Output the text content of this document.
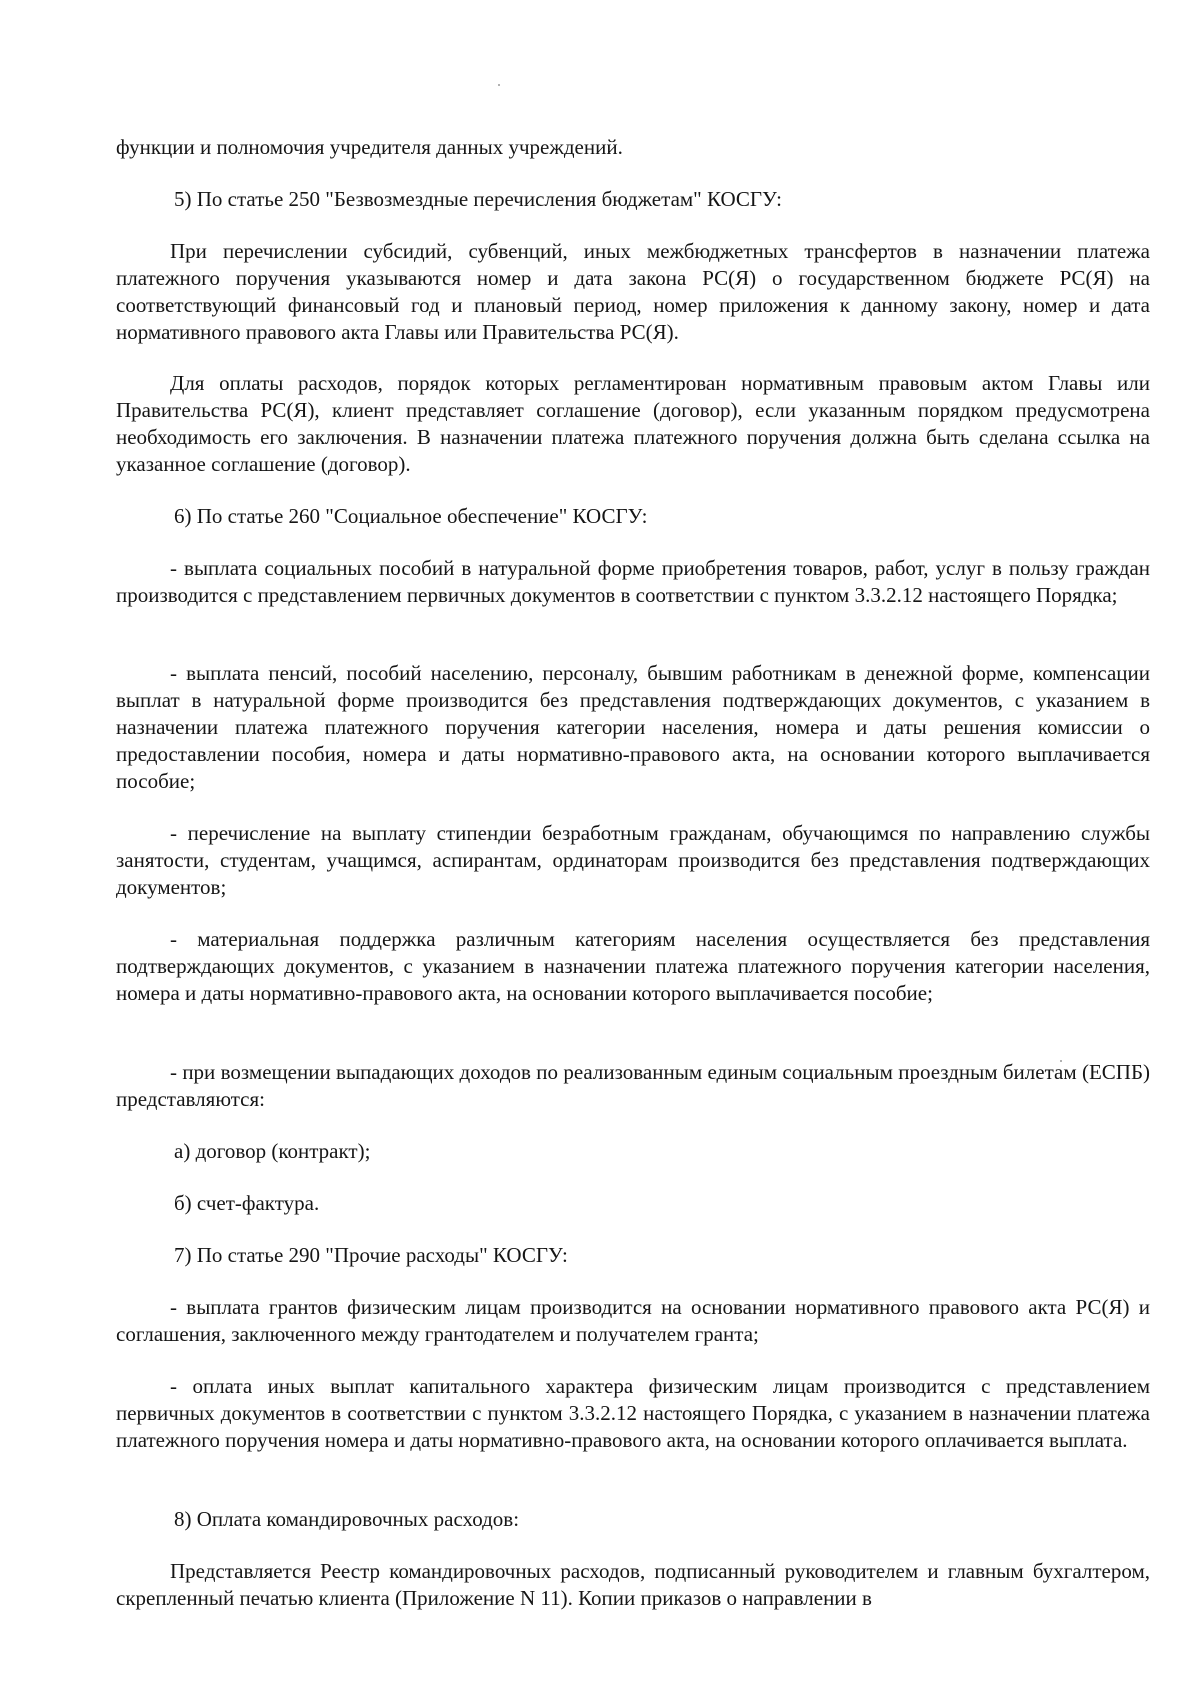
функции и полномочия учредителя данных учреждений.

5) По статье 250 "Безвозмездные перечисления бюджетам" КОСГУ:

При перечислении субсидий, субвенций, иных межбюджетных трансфертов в назначении платежа платежного поручения указываются номер и дата закона РС(Я) о государственном бюджете РС(Я) на соответствующий финансовый год и плановый период, номер приложения к данному закону, номер и дата нормативного правового акта Главы или Правительства РС(Я).

Для оплаты расходов, порядок которых регламентирован нормативным правовым актом Главы или Правительства РС(Я), клиент представляет соглашение (договор), если указанным порядком предусмотрена необходимость его заключения. В назначении платежа платежного поручения должна быть сделана ссылка на указанное соглашение (договор).

6) По статье 260 "Социальное обеспечение" КОСГУ:

- выплата социальных пособий в натуральной форме приобретения товаров, работ, услуг в пользу граждан производится с представлением первичных документов в соответствии с пунктом 3.3.2.12 настоящего Порядка;

- выплата пенсий, пособий населению, персоналу, бывшим работникам в денежной форме, компенсации выплат в натуральной форме производится без представления подтверждающих документов, с указанием в назначении платежа платежного поручения категории населения, номера и даты решения комиссии о предоставлении пособия, номера и даты нормативно-правового акта, на основании которого выплачивается пособие;

- перечисление на выплату стипендии безработным гражданам, обучающимся по направлению службы занятости, студентам, учащимся, аспирантам, ординаторам производится без представления подтверждающих документов;

- материальная поддержка различным категориям населения осуществляется без представления подтверждающих документов, с указанием в назначении платежа платежного поручения категории населения, номера и даты нормативно-правового акта, на основании которого выплачивается пособие;

- при возмещении выпадающих доходов по реализованным единым социальным проездным билетам (ЕСПБ) представляются:

а) договор (контракт);

б) счет-фактура.

7) По статье 290 "Прочие расходы" КОСГУ:

- выплата грантов физическим лицам производится на основании нормативного правового акта РС(Я) и соглашения, заключенного между грантодателем и получателем гранта;

- оплата иных выплат капитального характера физическим лицам производится с представлением первичных документов в соответствии с пунктом 3.3.2.12 настоящего Порядка, с указанием в назначении платежа платежного поручения номера и даты нормативно-правового акта, на основании которого оплачивается выплата.

8) Оплата командировочных расходов:

Представляется Реестр командировочных расходов, подписанный руководителем и главным бухгалтером, скрепленный печатью клиента (Приложение N 11). Копии приказов о направлении в
